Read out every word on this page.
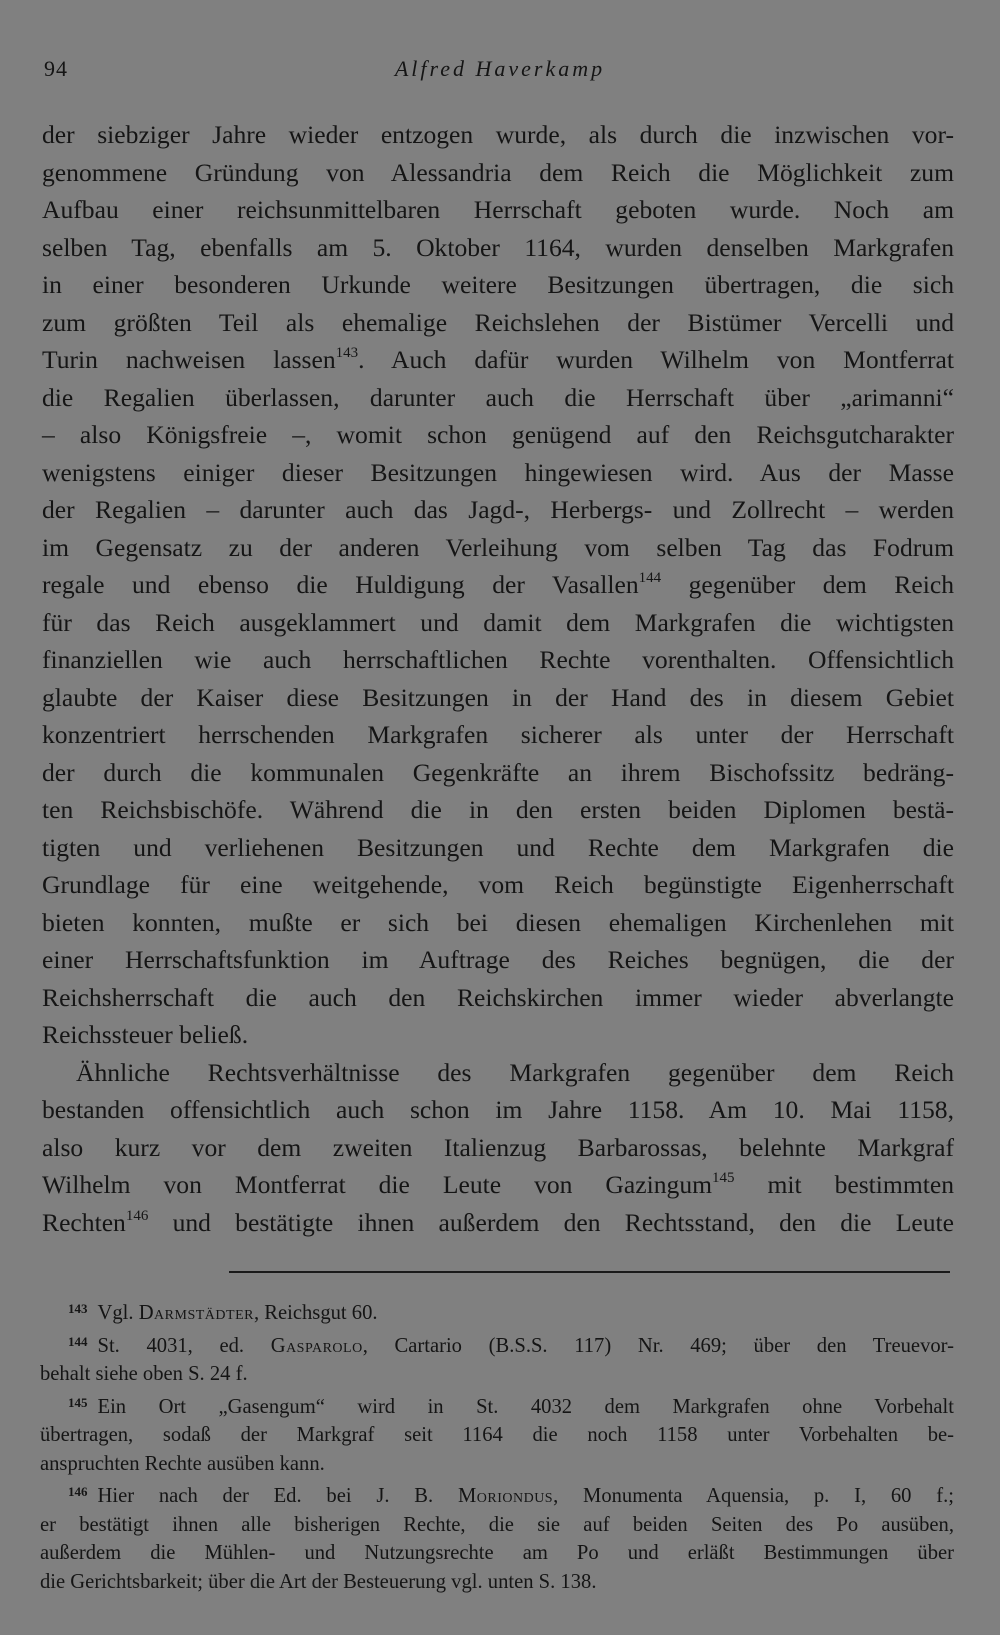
94	Alfred Haverkamp
der siebziger Jahre wieder entzogen wurde, als durch die inzwischen vor-
genommene Gründung von Alessandria dem Reich die Möglichkeit zum
Aufbau einer reichsunmittelbaren Herrschaft geboten wurde. Noch am
selben Tag, ebenfalls am 5. Oktober 1164, wurden denselben Markgrafen
in einer besonderen Urkunde weitere Besitzungen übertragen, die sich
zum größten Teil als ehemalige Reichslehen der Bistümer Vercelli und
Turin nachweisen lassen$^{143}$. Auch dafür wurden Wilhelm von Montferrat
die Regalien überlassen, darunter auch die Herrschaft über „arimanni“
– also Königsfreie –, womit schon genügend auf den Reichsgutcharakter
wenigstens einiger dieser Besitzungen hingewiesen wird. Aus der Masse
der Regalien – darunter auch das Jagd-, Herbergs- und Zollrecht – werden
im Gegensatz zu der anderen Verleihung vom selben Tag das Fodrum
regale und ebenso die Huldigung der Vasallen$^{144}$ gegenüber dem Reich
für das Reich ausgeklammert und damit dem Markgrafen die wichtigsten
finanziellen wie auch herrschaftlichen Rechte vorenthalten. Offensichtlich
glaubte der Kaiser diese Besitzungen in der Hand des in diesem Gebiet
konzentriert herrschenden Markgrafen sicherer als unter der Herrschaft
der durch die kommunalen Gegenkräfte an ihrem Bischofssitz bedräng-
ten Reichsbischöfe. Während die in den ersten beiden Diplomen bestä-
tigten und verliehenen Besitzungen und Rechte dem Markgrafen die
Grundlage für eine weitgehende, vom Reich begünstigte Eigenherrschaft
bieten konnten, mußte er sich bei diesen ehemaligen Kirchenlehen mit
einer Herrschaftsfunktion im Auftrage des Reiches begnügen, die der
Reichsherrschaft die auch den Reichskirchen immer wieder abverlangte
Reichssteuer beließ.
Ähnliche Rechtsverhältnisse des Markgrafen gegenüber dem Reich
bestanden offensichtlich auch schon im Jahre 1158. Am 10. Mai 1158,
also kurz vor dem zweiten Italienzug Barbarossas, belehnte Markgraf
Wilhelm von Montferrat die Leute von Gazingum$^{145}$ mit bestimmten
Rechten$^{146}$ und bestätigte ihnen außerdem den Rechtsstand, den die Leute
$^{143}$ Vgl. Darmstädter, Reichsgut 60.
$^{144}$ St. 4031, ed. Gasparolo, Cartario (B.S.S. 117) Nr. 469; über den Treuevor-
behalt siehe oben S. 24 f.
$^{145}$ Ein Ort „Gasengum“ wird in St. 4032 dem Markgrafen ohne Vorbehalt
übertragen, sodaß der Markgraf seit 1164 die noch 1158 unter Vorbehalten be-
anspruchten Rechte ausüben kann.
$^{146}$ Hier nach der Ed. bei J. B. Moriondus, Monumenta Aquensia, p. I, 60 f.;
er bestätigt ihnen alle bisherigen Rechte, die sie auf beiden Seiten des Po ausüben,
außerdem die Mühlen- und Nutzungsrechte am Po und erläßt Bestimmungen über
die Gerichtsbarkeit; über die Art der Besteuerung vgl. unten S. 138.
